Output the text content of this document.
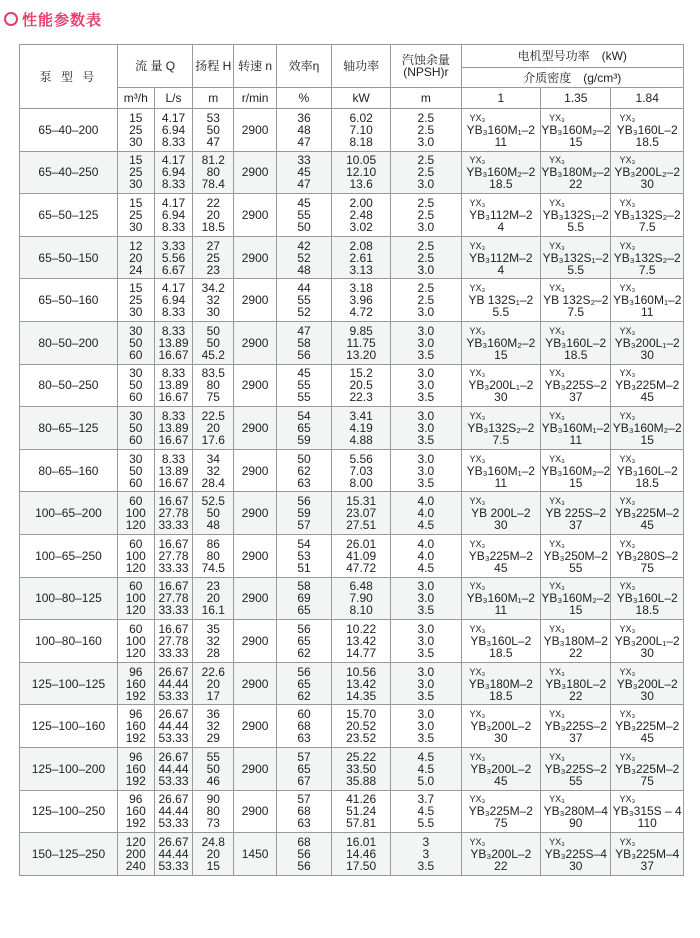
性能参数表
泵 型 号	流 量 Q		扬程 H	转速 n	效率η	轴功率	汽蚀余量
(NPSH)r	电机型号功率　(kW)		
								介质密度　(g/cm³)		
	m³/h	L/s	m	r/min	%	kW	m	1	1.35	1.84
65–40–200	15
25
30	4.17
6.94
8.33	53
50
47	2900	36
48
47	6.02
7.10
8.18	2.5
2.5
3.0	YX₃
YB₃160M₁–2
11	YX₃
YB₃160M₂–2
15	YX₃
YB₃160L–2
18.5

65–40–250	15
25
30	4.17
6.94
8.33	81.2
80
78.4	2900	33
45
47	10.05
12.10
13.6	2.5
2.5
3.0	YX₃
YB₃160M₂–2
18.5	YX₃
YB₃180M₂–2
22	YX₃
YB₃200L₂–2
30

65–50–125	15
25
30	4.17
6.94
8.33	22
20
18.5	2900	45
55
50	2.00
2.48
3.02	2.5
2.5
3.0	YX₃
YB₃112M–2
4	YX₃
YB₃132S₁–2
5.5	YX₃
YB₃132S₂–2
7.5

65–50–150	12
20
24	3.33
5.56
6.67	27
25
23	2900	42
52
48	2.08
2.61
3.13	2.5
2.5
3.0	YX₃
YB₃112M–2
4	YX₃
YB₃132S₁–2
5.5	YX₃
YB₃132S₂–2
7.5

65–50–160	15
25
30	4.17
6.94
8.33	34.2
32
30	2900	44
55
52	3.18
3.96
4.72	2.5
2.5
3.0	YX₃
YB 132S₁–2
5.5	YX₃
YB 132S₂–2
7.5	YX₃
YB₃160M₁–2
11

80–50–200	30
50
60	8.33
13.89
16.67	50
50
45.2	2900	47
58
56	9.85
11.75
13.20	3.0
3.0
3.5	YX₃
YB₃160M₂–2
15	YX₃
YB₃160L–2
18.5	YX₃
YB₃200L₁–2
30

80–50–250	30
50
60	8.33
13.89
16.67	83.5
80
75	2900	45
55
55	15.2
20.5
22.3	3.0
3.0
3.5	YX₃
YB₃200L₁–2
30	YX₃
YB₃225S–2
37	YX₃
YB₃225M–2
45

80–65–125	30
50
60	8.33
13.89
16.67	22.5
20
17.6	2900	54
65
59	3.41
4.19
4.88	3.0
3.0
3.5	YX₃
YB₃132S₂–2
7.5	YX₃
YB₃160M₁–2
11	YX₃
YB₃160M₂–2
15

80–65–160	30
50
60	8.33
13.89
16.67	34
32
28.4	2900	50
62
63	5.56
7.03
8.00	3.0
3.0
3.5	YX₃
YB₃160M₁–2
11	YX₃
YB₃160M₂–2
15	YX₃
YB₃160L–2
18.5

100–65–200	60
100
120	16.67
27.78
33.33	52.5
50
48	2900	56
59
57	15.31
23.07
27.51	4.0
4.0
4.5	YX₃
YB 200L–2
30	YX₃
YB 225S–2
37	YX₃
YB₃225M–2
45

100–65–250	60
100
120	16.67
27.78
33.33	86
80
74.5	2900	54
53
51	26.01
41.09
47.72	4.0
4.0
4.5	YX₃
YB₃225M–2
45	YX₃
YB₃250M–2
55	YX₃
YB₃280S–2
75

100–80–125	60
100
120	16.67
27.78
33.33	23
20
16.1	2900	58
69
65	6.48
7.90
8.10	3.0
3.0
3.5	YX₃
YB₃160M₁–2
11	YX₃
YB₃160M₂–2
15	YX₃
YB₃160L–2
18.5

100–80–160	60
100
120	16.67
27.78
33.33	35
32
28	2900	56
65
62	10.22
13.42
14.77	3.0
3.0
3.5	YX₃
YB₃160L–2
18.5	YX₃
YB₃180M–2
22	YX₃
YB₃200L₁–2
30

125–100–125	96
160
192	26.67
44.44
53.33	22.6
20
17	2900	56
65
62	10.56
13.42
14.35	3.0
3.0
3.5	YX₃
YB₃180M–2
18.5	YX₃
YB₃180L–2
22	YX₃
YB₃200L–2
30

125–100–160	96
160
192	26.67
44.44
53.33	36
32
29	2900	60
68
63	15.70
20.52
23.52	3.0
3.0
3.5	YX₃
YB₃200L–2
30	YX₃
YB₃225S–2
37	YX₃
YB₃225M–2
45

125–100–200	96
160
192	26.67
44.44
53.33	55
50
46	2900	57
65
67	25.22
33.50
35.88	4.5
4.5
5.0	YX₃
YB₃200L–2
45	YX₃
YB₃225S–2
55	YX₃
YB₃225M–2
75

125–100–250	96
160
192	26.67
44.44
53.33	90
80
73	2900	57
68
63	41.26
51.24
57.81	3.7
4.5
5.5	YX₃
YB₃225M–2
75	YX₃
YB₃280M–4
90	YX₃
YB₃315S – 4
110

150–125–250	120
200
240	26.67
44.44
53.33	24.8
20
15	1450	68
56
56	16.01
14.46
17.50	3
3
3.5	YX₃
YB₃200L–2
22	YX₃
YB₃225S–4
30	YX₃
YB₃225M–4
37
